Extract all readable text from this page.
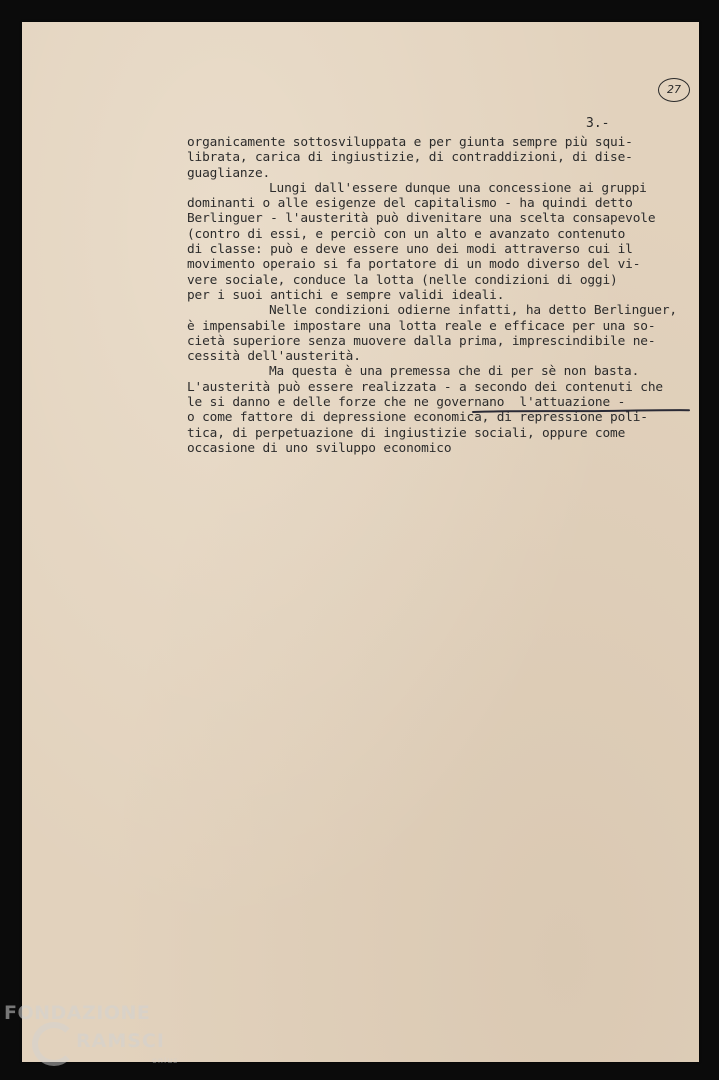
27
3.-
organicamente sottosviluppata e per giunta sempre più squi-
librata, carica di ingiustizie, di contraddizioni, di dise-
guaglianze.
Lungi dall'essere dunque una concessione ai gruppi
dominanti o alle esigenze del capitalismo - ha quindi detto
Berlinguer - l'austerità può divenitare una scelta consapevole
(contro di essi, e perciò con un alto e avanzato contenuto
di classe: può e deve essere uno dei modi attraverso cui il
movimento operaio si fa portatore di un modo diverso del vi-
vere sociale, conduce la lotta (nelle condizioni di oggi)
per i suoi antichi e sempre validi ideali.
Nelle condizioni odierne infatti, ha detto Berlinguer,
è impensabile impostare una lotta reale e efficace per una so-
cietà superiore senza muovere dalla prima, imprescindibile ne-
cessità dell'austerità.
Ma questa è una premessa che di per sè non basta.
L'austerità può essere realizzata - a secondo dei contenuti che
le si danno e delle forze che ne governano  l'attuazione -
o come fattore di depressione economica, di repressione poli-
tica, di perpetuazione di ingiustizie sociali, oppure come
occasione di uno sviluppo economico
FONDAZIONE
RAMSCI
onlus
